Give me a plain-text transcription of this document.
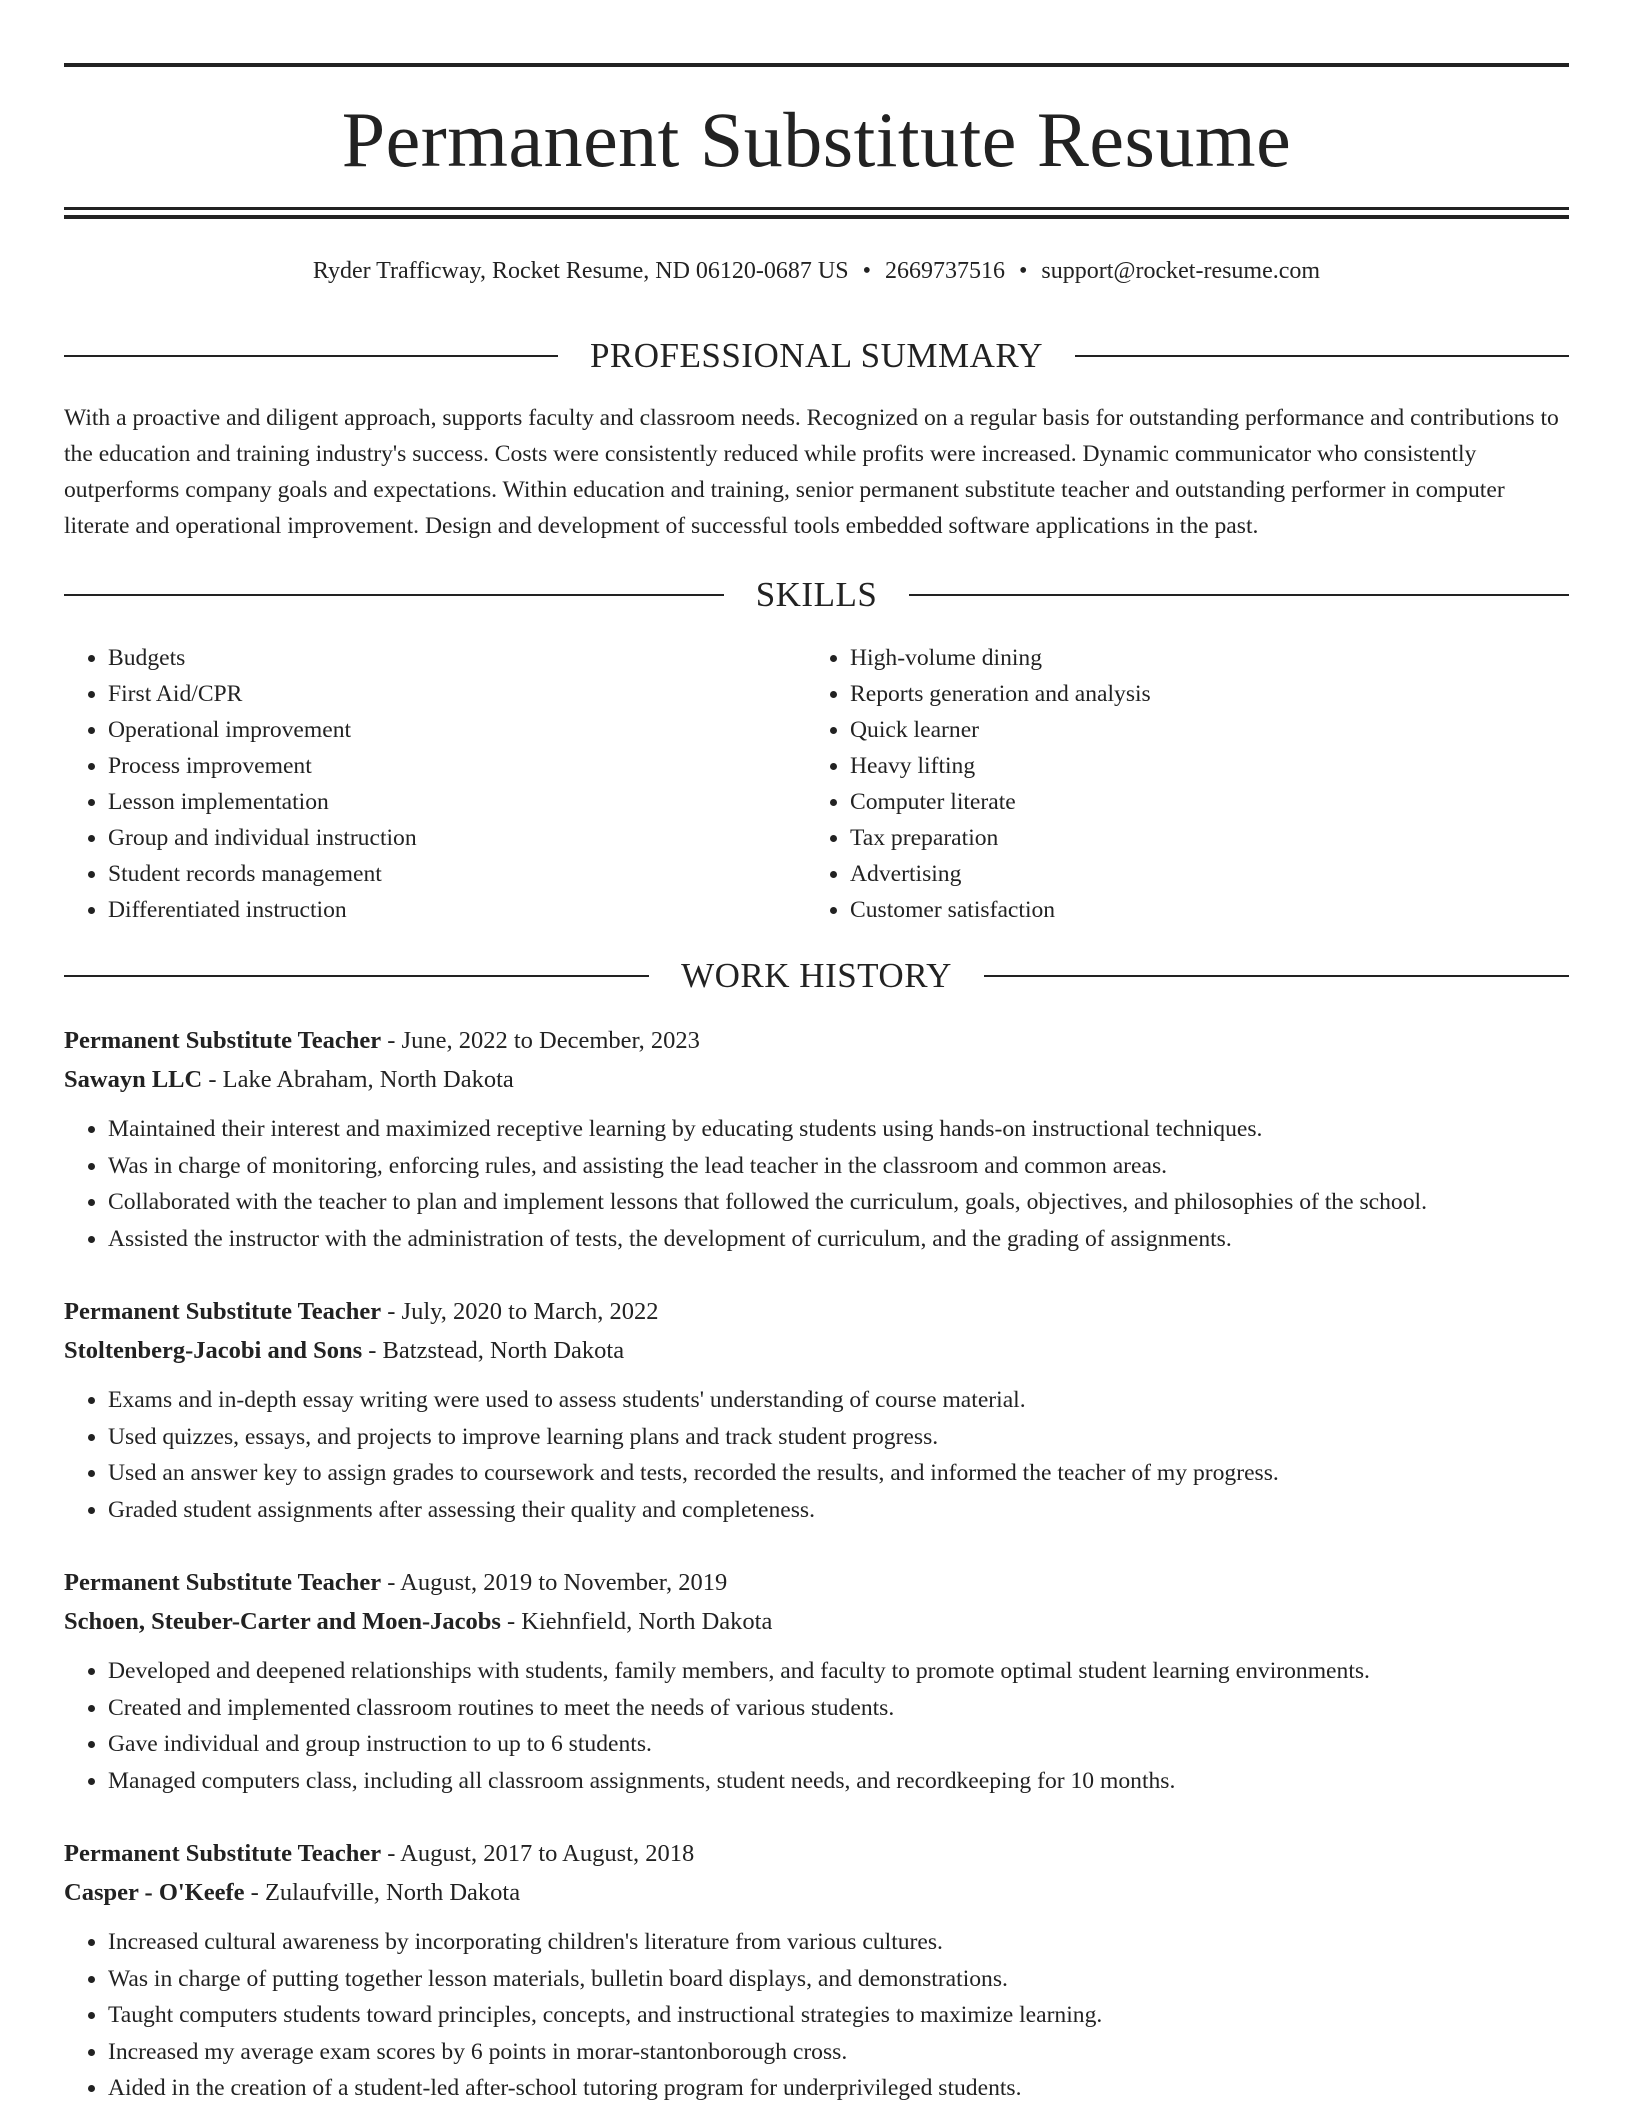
Permanent Substitute Resume
Ryder Trafficway, Rocket Resume, ND 06120-0687 US • 2669737516 • support@rocket-resume.com
PROFESSIONAL SUMMARY

With a proactive and diligent approach, supports faculty and classroom needs. Recognized on a regular basis for outstanding performance and contributions to the education and training industry's success. Costs were consistently reduced while profits were increased. Dynamic communicator who consistently outperforms company goals and expectations. Within education and training, senior permanent substitute teacher and outstanding performer in computer literate and operational improvement. Design and development of successful tools embedded software applications in the past.

SKILLS
• Budgets
• First Aid/CPR
• Operational improvement
• Process improvement
• Lesson implementation
• Group and individual instruction
• Student records management
• Differentiated instruction
• High-volume dining
• Reports generation and analysis
• Quick learner
• Heavy lifting
• Computer literate
• Tax preparation
• Advertising
• Customer satisfaction
WORK HISTORY
Permanent Substitute Teacher - June, 2022 to December, 2023
Sawayn LLC - Lake Abraham, North Dakota
• Maintained their interest and maximized receptive learning by educating students using hands-on instructional techniques.
• Was in charge of monitoring, enforcing rules, and assisting the lead teacher in the classroom and common areas.
• Collaborated with the teacher to plan and implement lessons that followed the curriculum, goals, objectives, and philosophies of the school.
• Assisted the instructor with the administration of tests, the development of curriculum, and the grading of assignments.
Permanent Substitute Teacher - July, 2020 to March, 2022
Stoltenberg-Jacobi and Sons - Batzstead, North Dakota
• Exams and in-depth essay writing were used to assess students' understanding of course material.
• Used quizzes, essays, and projects to improve learning plans and track student progress.
• Used an answer key to assign grades to coursework and tests, recorded the results, and informed the teacher of my progress.
• Graded student assignments after assessing their quality and completeness.
Permanent Substitute Teacher - August, 2019 to November, 2019
Schoen, Steuber-Carter and Moen-Jacobs - Kiehnfield, North Dakota
• Developed and deepened relationships with students, family members, and faculty to promote optimal student learning environments.
• Created and implemented classroom routines to meet the needs of various students.
• Gave individual and group instruction to up to 6 students.
• Managed computers class, including all classroom assignments, student needs, and recordkeeping for 10 months.
Permanent Substitute Teacher - August, 2017 to August, 2018
Casper - O'Keefe - Zulaufville, North Dakota
• Increased cultural awareness by incorporating children's literature from various cultures.
• Was in charge of putting together lesson materials, bulletin board displays, and demonstrations.
• Taught computers students toward principles, concepts, and instructional strategies to maximize learning.
• Increased my average exam scores by 6 points in morar-stantonborough cross.
• Aided in the creation of a student-led after-school tutoring program for underprivileged students.
